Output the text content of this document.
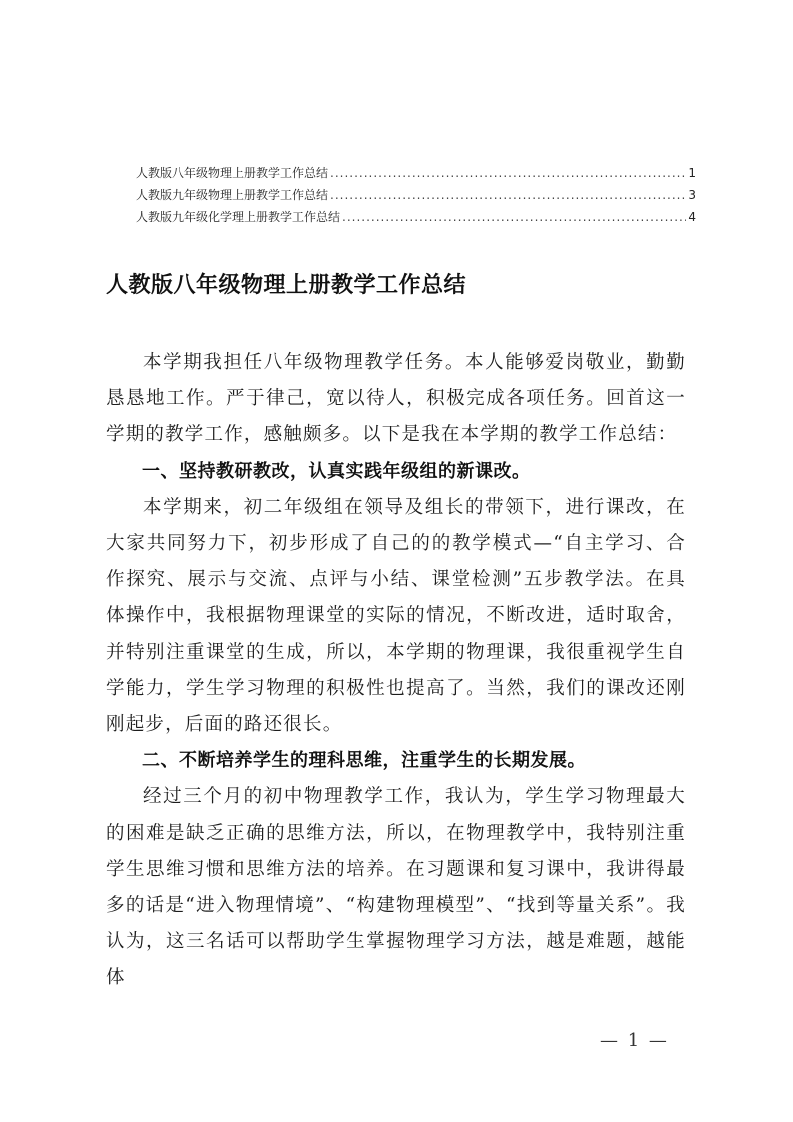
人教版八年级物理上册教学工作总结 .....	1
人教版九年级物理上册教学工作总结 .....	3
人教版九年级化学理上册教学工作总结 .....	4
人教版八年级物理上册教学工作总结

本学期我担任八年级物理教学任务。本人能够爱岗敬业，勤勤恳恳地工作。严于律己，宽以待人，积极完成各项任务。回首这一学期的教学工作，感触颇多。以下是我在本学期的教学工作总结：

一、坚持教研教改，认真实践年级组的新课改。

本学期来，初二年级组在领导及组长的带领下，进行课改，在大家共同努力下，初步形成了自己的的教学模式—“自主学习、合作探究、展示与交流、点评与小结、课堂检测”五步教学法。在具体操作中，我根据物理课堂的实际的情况，不断改进，适时取舍，并特别注重课堂的生成，所以，本学期的物理课，我很重视学生自学能力，学生学习物理的积极性也提高了。当然，我们的课改还刚刚起步，后面的路还很长。

二、不断培养学生的理科思维，注重学生的长期发展。

经过三个月的初中物理教学工作，我认为，学生学习物理最大的困难是缺乏正确的思维方法，所以，在物理教学中，我特别注重学生思维习惯和思维方法的培养。在习题课和复习课中，我讲得最多的话是“进入物理情境”、“构建物理模型”、“找到等量关系”。我认为，这三名话可以帮助学生掌握物理学习方法，越是难题，越能体

— 1 —
